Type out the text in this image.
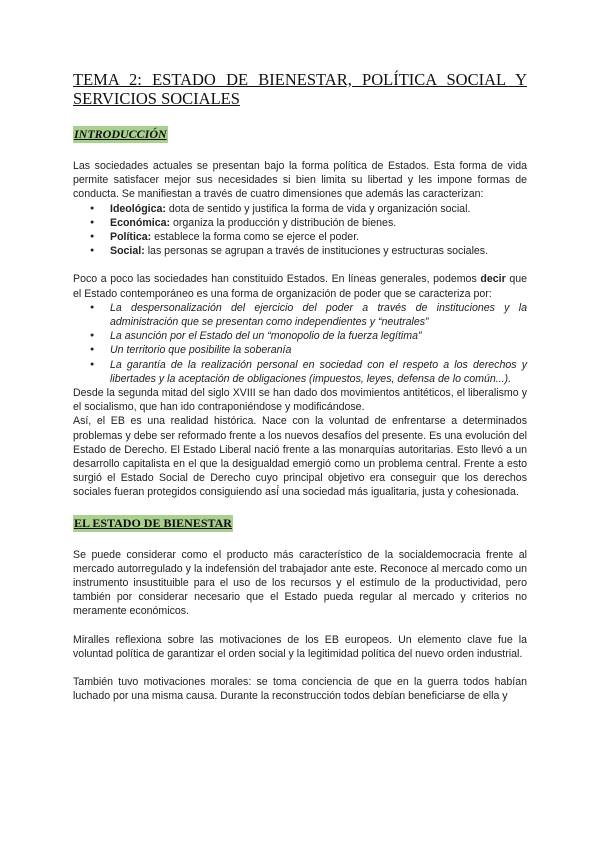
TEMA 2: ESTADO DE BIENESTAR, POLÍTICA SOCIAL Y SERVICIOS SOCIALES
INTRODUCCIÓN

Las sociedades actuales se presentan bajo la forma política de Estados. Esta forma de vida permite satisfacer mejor sus necesidades si bien limita su libertad y les impone formas de conducta. Se manifiestan a través de cuatro dimensiones que además las caracterizan:

● Ideológica: dota de sentido y justifica la forma de vida y organización social.
● Económica: organiza la producción y distribución de bienes.
● Política: establece la forma como se ejerce el poder.
● Social: las personas se agrupan a través de instituciones y estructuras sociales.

Poco a poco las sociedades han constituido Estados. En líneas generales, podemos decir que el Estado contemporáneo es una forma de organización de poder que se caracteriza por:

● La despersonalización del ejercicio del poder a través de instituciones y la administración que se presentan como independientes y “neutrales”
● La asunción por el Estado del un “monopolio de la fuerza legítima”
● Un territorio que posibilite la soberanía
● La garantía de la realización personal en sociedad con el respeto a los derechos y libertades y la aceptación de obligaciones (impuestos, leyes, defensa de lo común...).

Desde la segunda mitad del siglo XVIII se han dado dos movimientos antitéticos, el liberalismo y el socialismo, que han ido contraponiéndose y modificándose.

Así, el EB es una realidad histórica. Nace con la voluntad de enfrentarse a determinados problemas y debe ser reformado frente a los nuevos desafíos del presente. Es una evolución del Estado de Derecho. El Estado Liberal nació frente a las monarquías autoritarias. Esto llevó a un desarrollo capitalista en el que la desigualdad emergió como un problema central. Frente a esto surgió el Estado Social de Derecho cuyo principal objetivo era conseguir que los derechos sociales fueran protegidos consiguiendo así́ una sociedad más igualitaria, justa y cohesionada.

EL ESTADO DE BIENESTAR

Se puede considerar como el producto más característico de la socialdemocracia frente al mercado autorregulado y la indefensión del trabajador ante este. Reconoce al mercado como un instrumento insustituible para el uso de los recursos y el estímulo de la productividad, pero también por considerar necesario que el Estado pueda regular al mercado y criterios no meramente económicos.

Miralles reflexiona sobre las motivaciones de los EB europeos. Un elemento clave fue la voluntad política de garantizar el orden social y la legitimidad política del nuevo orden industrial.

También tuvo motivaciones morales: se toma conciencia de que en la guerra todos habían luchado por una misma causa. Durante la reconstrucción todos debían beneficiarse de ella y
